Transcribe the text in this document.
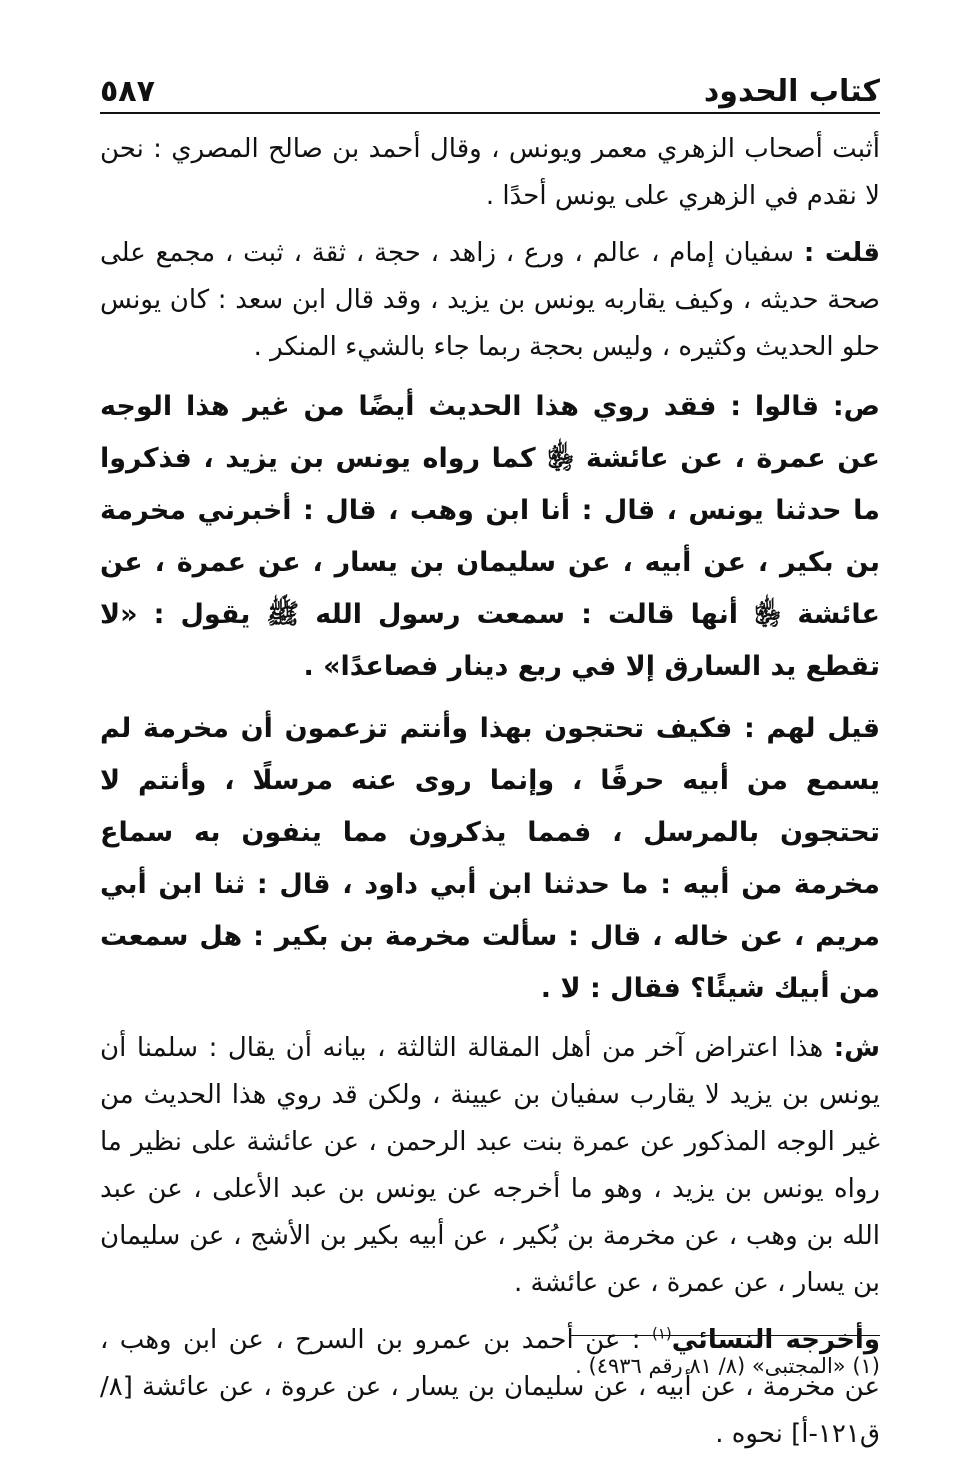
كتاب الحدود
٥٨٧

أثبت أصحاب الزهري معمر ويونس ، وقال أحمد بن صالح المصري : نحن لا نقدم في الزهري على يونس أحدًا .

قلت : سفيان إمام ، عالم ، ورع ، زاهد ، حجة ، ثقة ، ثبت ، مجمع على صحة حديثه ، وكيف يقاربه يونس بن يزيد ، وقد قال ابن سعد : كان يونس حلو الحديث وكثيره ، وليس بحجة ربما جاء بالشيء المنكر .

ص: قالوا : فقد روي هذا الحديث أيضًا من غير هذا الوجه عن عمرة ، عن عائشة ﵂ كما رواه يونس بن يزيد ، فذكروا ما حدثنا يونس ، قال : أنا ابن وهب ، قال : أخبرني مخرمة بن بكير ، عن أبيه ، عن سليمان بن يسار ، عن عمرة ، عن عائشة ﵂ أنها قالت : سمعت رسول الله ﷺ يقول : «لا تقطع يد السارق إلا في ربع دينار فصاعدًا» .

قيل لهم : فكيف تحتجون بهذا وأنتم تزعمون أن مخرمة لم يسمع من أبيه حرفًا ، وإنما روى عنه مرسلًا ، وأنتم لا تحتجون بالمرسل ، فمما يذكرون مما ينفون به سماع مخرمة من أبيه : ما حدثنا ابن أبي داود ، قال : ثنا ابن أبي مريم ، عن خاله ، قال : سألت مخرمة بن بكير : هل سمعت من أبيك شيئًا؟ فقال : لا .

ش: هذا اعتراض آخر من أهل المقالة الثالثة ، بيانه أن يقال : سلمنا أن يونس بن يزيد لا يقارب سفيان بن عيينة ، ولكن قد روي هذا الحديث من غير الوجه المذكور عن عمرة بنت عبد الرحمن ، عن عائشة على نظير ما رواه يونس بن يزيد ، وهو ما أخرجه عن يونس بن عبد الأعلى ، عن عبد الله بن وهب ، عن مخرمة بن بُكير ، عن أبيه بكير بن الأشج ، عن سليمان بن يسار ، عن عمرة ، عن عائشة .

وأخرجه النسائي$^{(١)}$ : عن أحمد بن عمرو بن السرح ، عن ابن وهب ، عن مخرمة ، عن أبيه ، عن سليمان بن يسار ، عن عروة ، عن عائشة [٨/ ق١٢١-أ] نحوه .

(١) «المجتبى» (٨/ ٨١ رقم ٤٩٣٦) .
